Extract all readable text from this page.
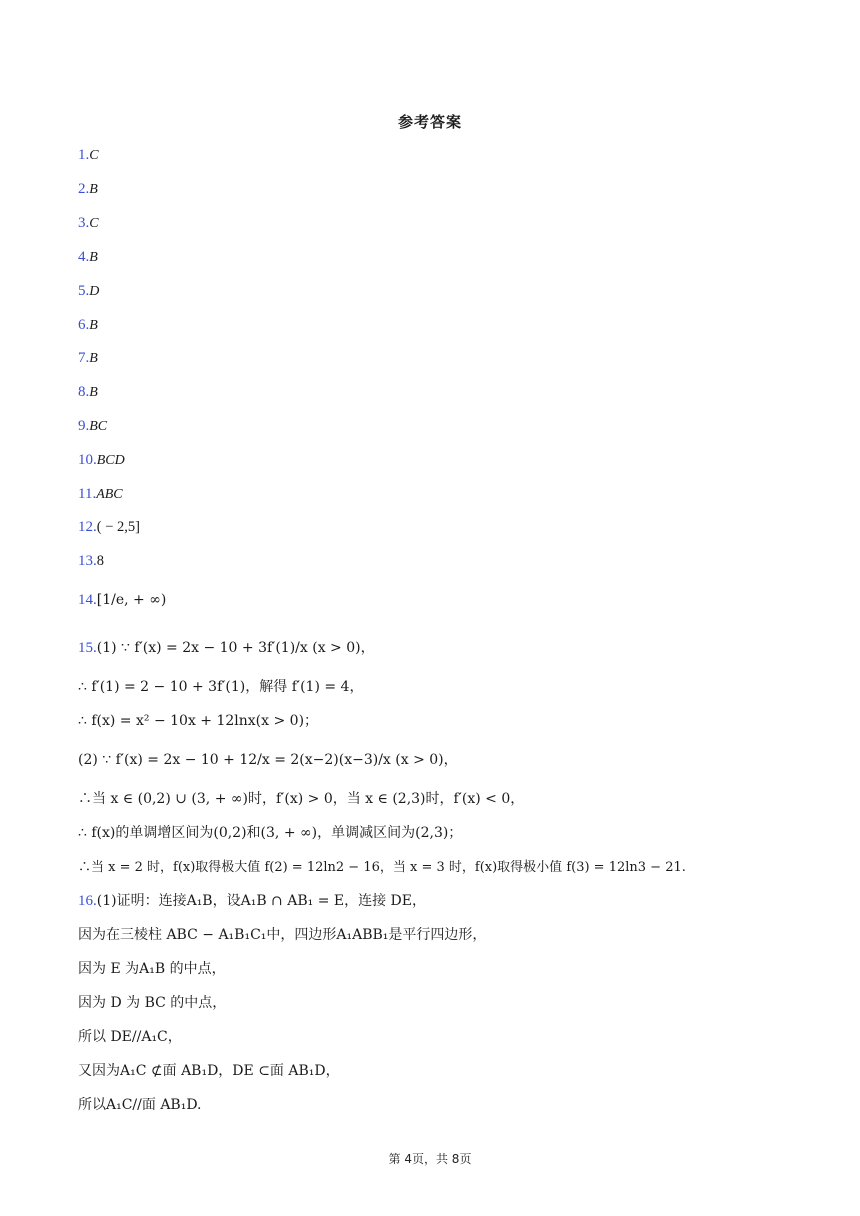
参考答案
1.C
2.B
3.C
4.B
5.D
6.B
7.B
8.B
9.BC
10.BCD
11.ABC
12.( − 2,5]
13.8
14.[1/e, + ∞)
15.(1) ∵ f′(x) = 2x − 10 + 3f′(1)/x (x > 0)，
∴ f′(1) = 2 − 10 + 3f′(1)，解得 f′(1) = 4，
∴ f(x) = x² − 10x + 12lnx(x > 0)；
(2) ∵ f′(x) = 2x − 10 + 12/x = 2(x−2)(x−3)/x (x > 0)，
∴当 x ∈ (0,2) ∪ (3, + ∞)时，f′(x) > 0，当 x ∈ (2,3)时，f′(x) < 0，
∴ f(x)的单调增区间为(0,2)和(3, + ∞)，单调减区间为(2,3)；
∴当 x = 2 时，f(x)取得极大值 f(2) = 12ln2 − 16，当 x = 3 时，f(x)取得极小值 f(3) = 12ln3 − 21.
16.(1)证明：连接A₁B，设A₁B ∩ AB₁ = E，连接 DE，
因为在三棱柱 ABC − A₁B₁C₁中，四边形A₁ABB₁是平行四边形，
因为 E 为A₁B 的中点，
因为 D 为 BC 的中点，
所以 DE//A₁C，
又因为A₁C ⊄面 AB₁D，DE ⊂面 AB₁D，
所以A₁C//面 AB₁D.
第 4页，共 8页
